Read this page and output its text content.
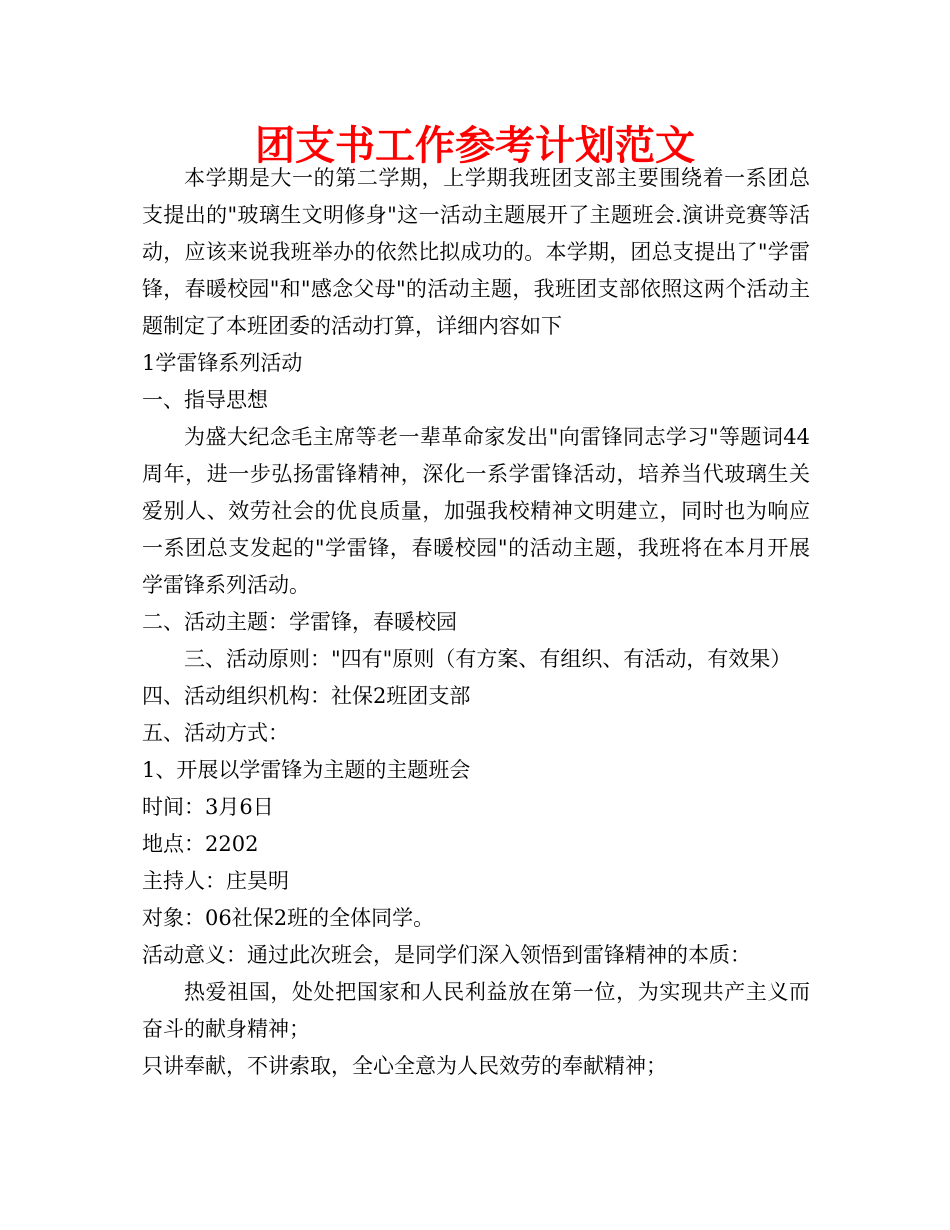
团支书工作参考计划范文

本学期是大一的第二学期，上学期我班团支部主要围绕着一系团总支提出的"玻璃生文明修身"这一活动主题展开了主题班会.演讲竞赛等活动，应该来说我班举办的依然比拟成功的。本学期，团总支提出了"学雷锋，春暖校园"和"感念父母"的活动主题，我班团支部依照这两个活动主题制定了本班团委的活动打算，详细内容如下

1学雷锋系列活动

一、指导思想

为盛大纪念毛主席等老一辈革命家发出"向雷锋同志学习"等题词44周年，进一步弘扬雷锋精神，深化一系学雷锋活动，培养当代玻璃生关爱别人、效劳社会的优良质量，加强我校精神文明建立，同时也为响应一系团总支发起的"学雷锋，春暖校园"的活动主题，我班将在本月开展学雷锋系列活动。

二、活动主题：学雷锋，春暖校园

三、活动原则："四有"原则（有方案、有组织、有活动，有效果）

四、活动组织机构：社保2班团支部

五、活动方式：

1、开展以学雷锋为主题的主题班会

时间：3月6日

地点：2202

主持人：庄昊明

对象：06社保2班的全体同学。

活动意义：通过此次班会，是同学们深入领悟到雷锋精神的本质：

热爱祖国，处处把国家和人民利益放在第一位，为实现共产主义而奋斗的献身精神；

只讲奉献，不讲索取，全心全意为人民效劳的奉献精神；
